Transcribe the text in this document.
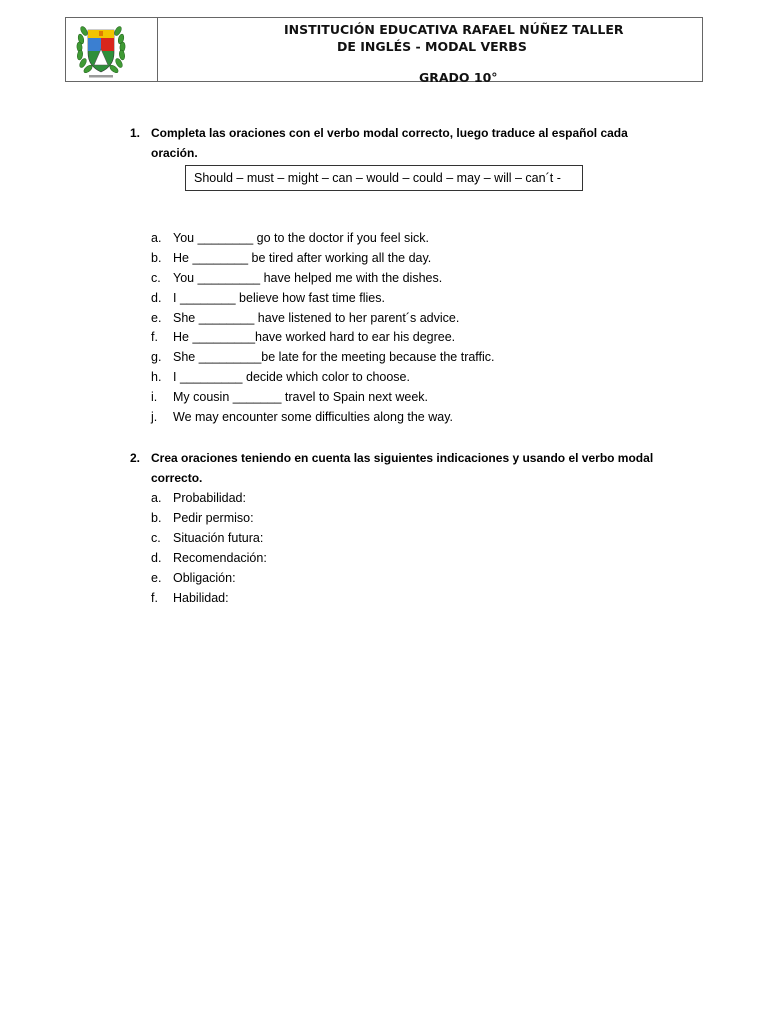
INSTITUCIÓN EDUCATIVA RAFAEL NÚÑEZ TALLER
DE INGLÉS - MODAL VERBS
GRADO 10°
1. Completa las oraciones con el verbo modal correcto, luego traduce al español cada oración.
Should – must – might – can – would – could – may – will – can´t -
a. You ________ go to the doctor if you feel sick.
b. He ________ be tired after working all the day.
c. You _________ have helped me with the dishes.
d. I ________ believe how fast time flies.
e. She ________ have listened to her parent´s advice.
f.	He _________have worked hard to ear his degree.
g. She _________be late for the meeting because the traffic.
h. I _________ decide which color to choose.
i.	My cousin _______ travel to Spain next week.
j.	We may encounter some difficulties along the way.
2. Crea oraciones teniendo en cuenta las siguientes indicaciones y usando el verbo modal correcto.
a. Probabilidad:
b. Pedir permiso:
c. Situación futura:
d. Recomendación:
e. Obligación:
f.	Habilidad:
